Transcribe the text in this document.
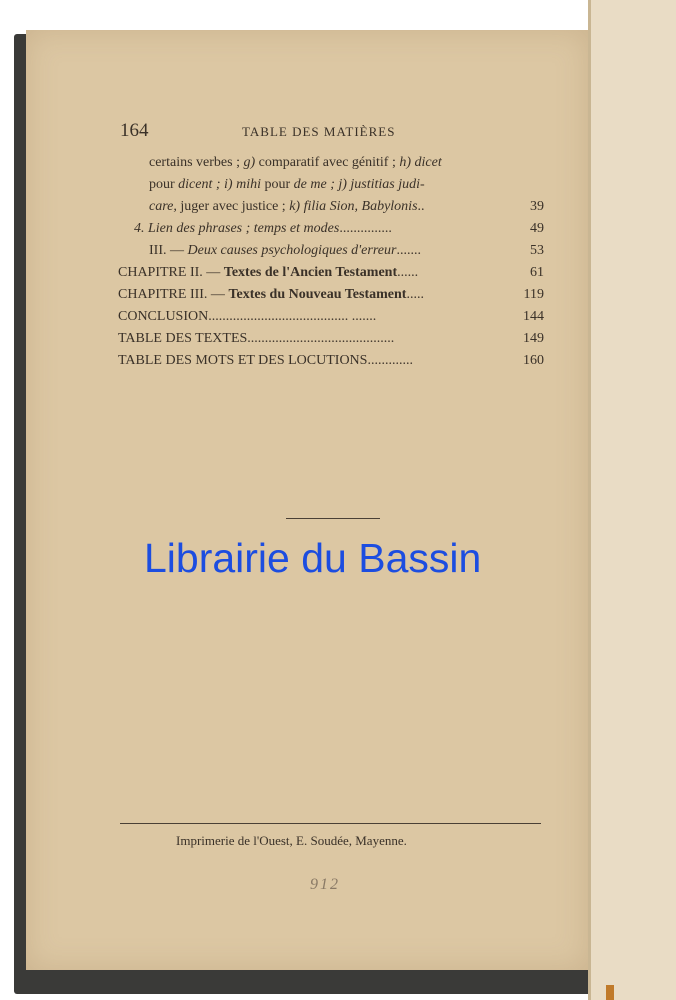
164	TABLE DES MATIÈRES
certains verbes ; g) comparatif avec génitif ; h) dicet
pour dicent ; i) mihi pour de me ; j) justitias judi-
care, juger avec justice ; k) filia Sion, Babylonis..	39
4. Lien des phrases ; temps et modes...............	49
III. — Deux causes psychologiques d'erreur.......	53
CHAPITRE II. — Textes de l'Ancien Testament......	61
CHAPITRE III. — Textes du Nouveau Testament.....	119
CONCLUSION........................................ .......	144
TABLE DES TEXTES..........................................	149
TABLE DES MOTS ET DES LOCUTIONS.............	160
Librairie du Bassin
Imprimerie de l'Ouest, E. Soudée, Mayenne.
912
